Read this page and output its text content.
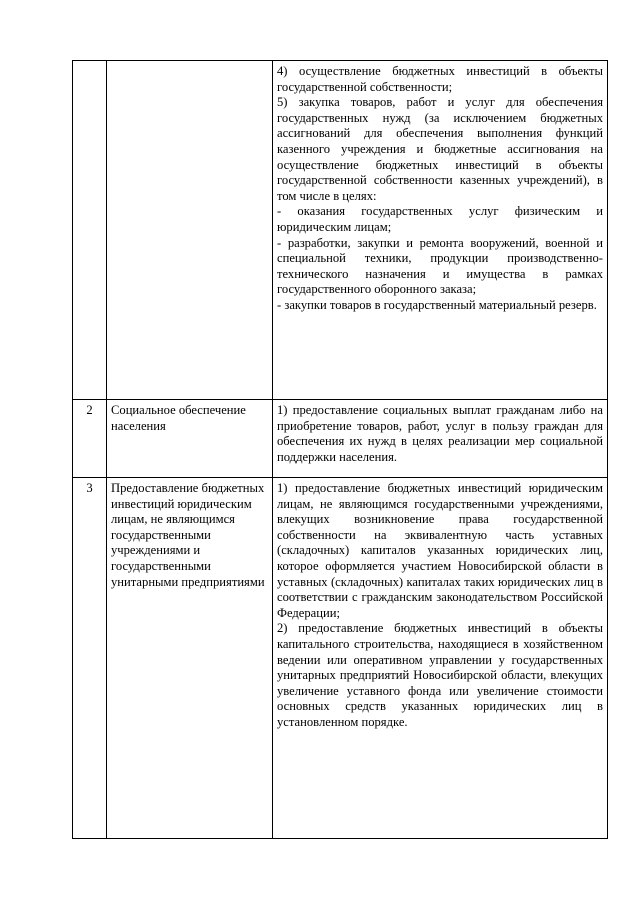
		4) осуществление бюджетных инвестиций в объекты государственной собственности;

5) закупка товаров, работ и услуг для обеспечения государственных нужд (за исключением бюджетных ассигнований для обеспечения выполнения функций казенного учреждения и бюджетные ассигнования на осуществление бюджетных инвестиций в объекты государственной собственности казенных учреждений), в том числе в целях:

- оказания государственных услуг физическим и юридическим лицам;

- разработки, закупки и ремонта вооружений, военной и специальной техники, продукции производственно-технического назначения и имущества в рамках государственного оборонного заказа;

- закупки товаров в государственный материальный резерв.

2	Социальное обеспечение населения	1) предоставление социальных выплат гражданам либо на приобретение товаров, работ, услуг в пользу граждан для обеспечения их нужд в целях реализации мер социальной поддержки населения.

3	Предоставление бюджетных инвестиций юридическим лицам, не являющимся государственными учреждениями и государственными унитарными предприятиями	1) предоставление бюджетных инвестиций юридическим лицам, не являющимся государственными учреждениями, влекущих возникновение права государственной собственности на эквивалентную часть уставных (складочных) капиталов указанных юридических лиц, которое оформляется участием Новосибирской области в уставных (складочных) капиталах таких юридических лиц в соответствии с гражданским законодательством Российской Федерации;

2) предоставление бюджетных инвестиций в объекты капитального строительства, находящиеся в хозяйственном ведении или оперативном управлении у государственных унитарных предприятий Новосибирской области, влекущих увеличение уставного фонда или увеличение стоимости основных средств указанных юридических лиц в установленном порядке.
